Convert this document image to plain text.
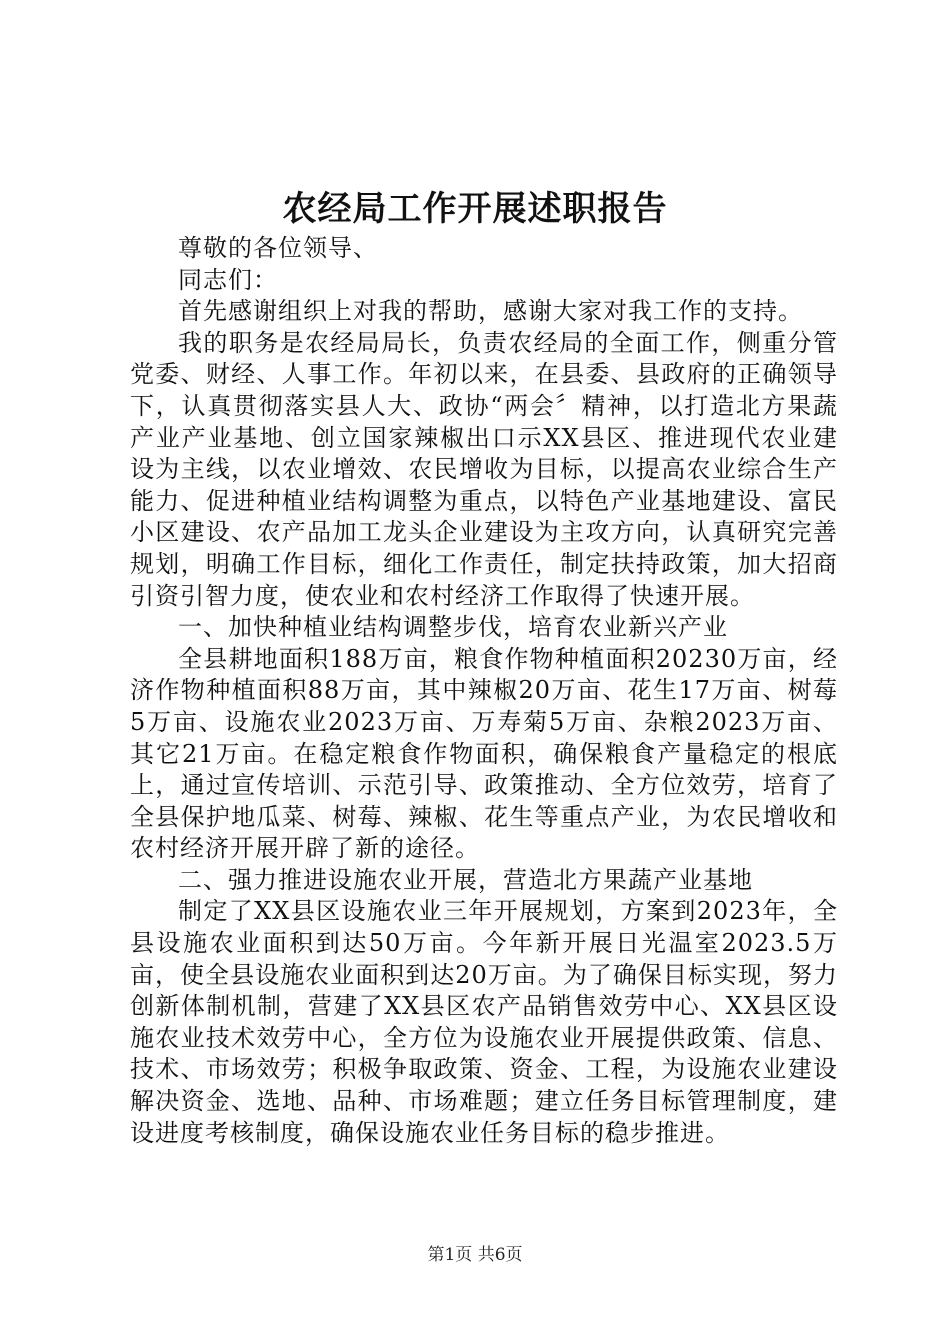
农经局工作开展述职报告

尊敬的各位领导、

同志们：

首先感谢组织上对我的帮助，感谢大家对我工作的支持。

我的职务是农经局局长，负责农经局的全面工作，侧重分管党委、财经、人事工作。年初以来，在县委、县政府的正确领导下，认真贯彻落实县人大、政协“两会〞精神，以打造北方果蔬产业产业基地、创立国家辣椒出口示XX县区、推进现代农业建设为主线，以农业增效、农民增收为目标，以提高农业综合生产能力、促进种植业结构调整为重点，以特色产业基地建设、富民小区建设、农产品加工龙头企业建设为主攻方向，认真研究完善规划，明确工作目标，细化工作责任，制定扶持政策，加大招商引资引智力度，使农业和农村经济工作取得了快速开展。

一、加快种植业结构调整步伐，培育农业新兴产业

全县耕地面积188万亩，粮食作物种植面积20230万亩，经济作物种植面积88万亩，其中辣椒20万亩、花生17万亩、树莓5万亩、设施农业2023万亩、万寿菊5万亩、杂粮2023万亩、其它21万亩。在稳定粮食作物面积，确保粮食产量稳定的根底上，通过宣传培训、示范引导、政策推动、全方位效劳，培育了全县保护地瓜菜、树莓、辣椒、花生等重点产业，为农民增收和农村经济开展开辟了新的途径。

二、强力推进设施农业开展，营造北方果蔬产业基地

制定了XX县区设施农业三年开展规划，方案到2023年，全县设施农业面积到达50万亩。今年新开展日光温室2023.5万亩，使全县设施农业面积到达20万亩。为了确保目标实现，努力创新体制机制，营建了XX县区农产品销售效劳中心、XX县区设施农业技术效劳中心，全方位为设施农业开展提供政策、信息、技术、市场效劳；积极争取政策、资金、工程，为设施农业建设解决资金、选地、品种、市场难题；建立任务目标管理制度，建设进度考核制度，确保设施农业任务目标的稳步推进。

第1页 共6页
